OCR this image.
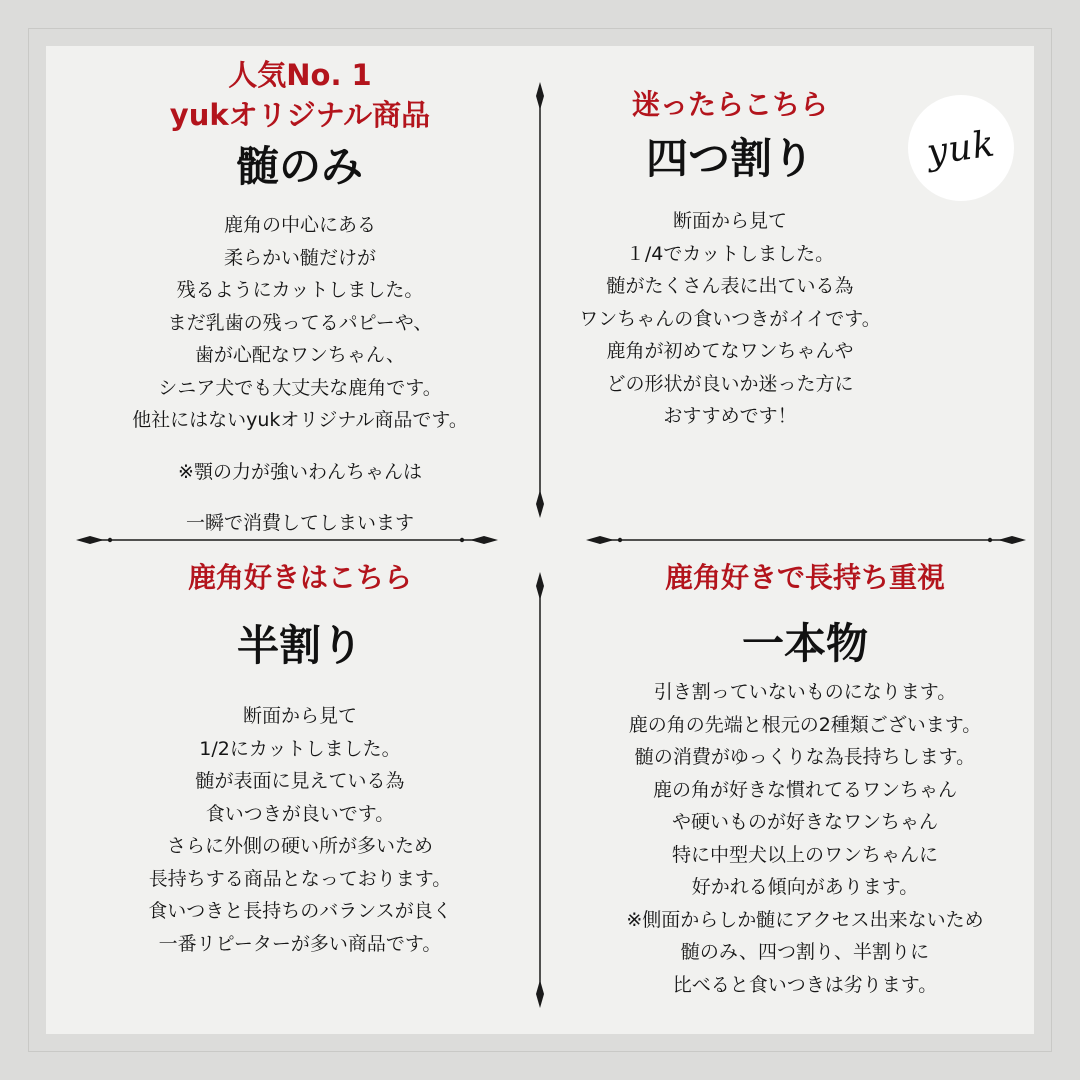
yuk
人気No. 1
yukオリジナル商品
髄のみ

鹿角の中心にある

柔らかい髄だけが

残るようにカットしました。

まだ乳歯の残ってるパピーや、

歯が心配なワンちゃん、

シニア犬でも大丈夫な鹿角です。

他社にはないyukオリジナル商品です。

※顎の力が強いわんちゃんは

一瞬で消費してしまいます

迷ったらこちら
四つ割り

断面から見て

１/4でカットしました。

髄がたくさん表に出ている為

ワンちゃんの食いつきがイイです。

鹿角が初めてなワンちゃんや

どの形状が良いか迷った方に

おすすめです！

鹿角好きはこちら
半割り

断面から見て

1/2にカットしました。

髄が表面に見えている為

食いつきが良いです。

さらに外側の硬い所が多いため

長持ちする商品となっております。

食いつきと長持ちのバランスが良く

一番リピーターが多い商品です。

鹿角好きで長持ち重視
一本物

引き割っていないものになります。

鹿の角の先端と根元の2種類ございます。

髄の消費がゆっくりな為長持ちします。

鹿の角が好きな慣れてるワンちゃん

や硬いものが好きなワンちゃん

特に中型犬以上のワンちゃんに

好かれる傾向があります。

※側面からしか髄にアクセス出来ないため

髄のみ、四つ割り、半割りに

比べると食いつきは劣ります。
